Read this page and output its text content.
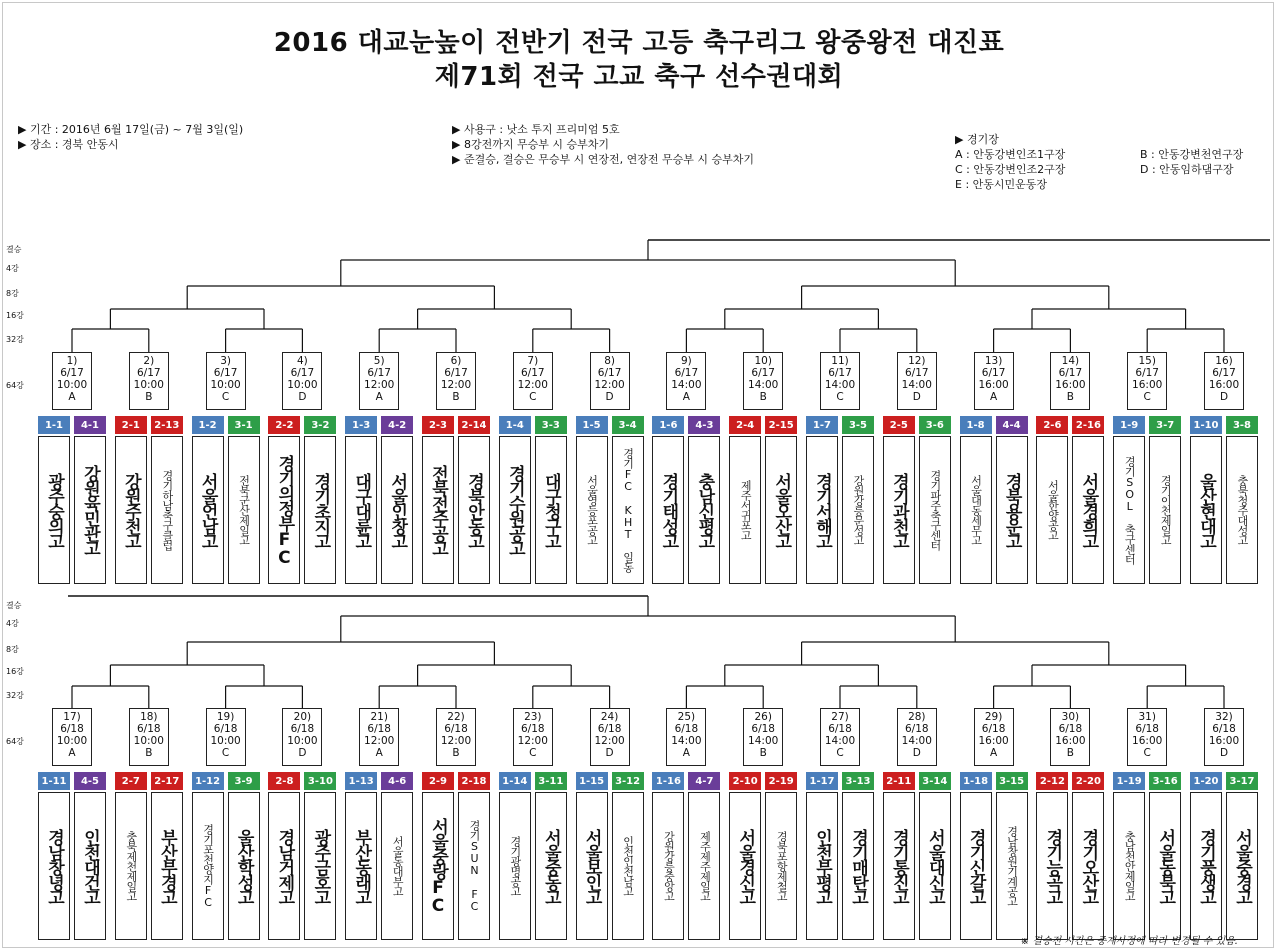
2016 대교눈높이 전반기 전국 고등 축구리그 왕중왕전 대진표
제71회 전국 고교 축구 선수권대회
▶ 기간 : 2016년 6월 17일(금) ~ 7월 3일(일)
▶ 장소 : 경북 안동시
▶ 사용구 : 낫소 투지 프리미엄 5호
▶ 8강전까지 무승부 시 승부차기
▶ 준결승, 결승은 무승부 시 연장전, 연장전 무승부 시 승부차기
▶ 경기장
A : 안동강변인조1구장
C : 안동강변인조2구장
E : 안동시민운동장
B : 안동강변천연구장
D : 안동임하댐구장
결승
4강
8강
16강
32강
64강
결승
4강
8강
16강
32강
64강
1)
6/17
10:00
A
2)
6/17
10:00
B
3)
6/17
10:00
C
4)
6/17
10:00
D
5)
6/17
12:00
A
6)
6/17
12:00
B
7)
6/17
12:00
C
8)
6/17
12:00
D
9)
6/17
14:00
A
10)
6/17
14:00
B
11)
6/17
14:00
C
12)
6/17
14:00
D
13)
6/17
16:00
A
14)
6/17
16:00
B
15)
6/17
16:00
C
16)
6/17
16:00
D
1-1
광주숭의고
4-1
강원육민관고
2-1
강원주천고
2-13
경기하남축구클럽
1-2
서울언남고
3-1
전북군산제일고
2-2
경기의정부FC
3-2
경기초지고
1-3
대구대륜고
4-2
서울인창고
2-3
전북전주공고
2-14
경북안동고
1-4
경기수원공고
3-3
대구청구고
1-5
서울영등포공고
3-4
경기FC KHT 일동
1-6
경기태성고
4-3
충남신평고
2-4
제주서귀포고
2-15
서울오산고
1-7
경기서해고
3-5
강원강릉문성고
2-5
경기과천고
3-6
경기파주축구센터
1-8
서울대동세무고
4-4
경북용운고
2-6
서울한양공고
2-16
서울경희고
1-9
경기SOL 축구센터
3-7
경기이천제일고
1-10
울산현대고
3-8
충북청주대성고
17)
6/18
10:00
A
18)
6/18
10:00
B
19)
6/18
10:00
C
20)
6/18
10:00
D
21)
6/18
12:00
A
22)
6/18
12:00
B
23)
6/18
12:00
C
24)
6/18
12:00
D
25)
6/18
14:00
A
26)
6/18
14:00
B
27)
6/18
14:00
C
28)
6/18
14:00
D
29)
6/18
16:00
A
30)
6/18
16:00
B
31)
6/18
16:00
C
32)
6/18
16:00
D
1-11
경남창녕고
4-5
인천대건고
2-7
충북제천제일고
2-17
부산부경고
1-12
경기포천양지FC
3-9
울산학성고
2-8
경남거제고
3-10
광주금호고
1-13
부산동래고
4-6
서울동대부고
2-9
서울중랑FC
2-18
경기SUN FC
1-14
경기광명공고
3-11
서울중동고
1-15
서울보인고
3-12
인천인천남고
1-16
강원강릉중앙고
4-7
제주제주제일고
2-10
서울경신고
2-19
경북포항제철고
1-17
인천부평고
3-13
경기매탄고
2-11
경기통진고
3-14
서울대신고
1-18
경기신갈고
3-15
경남창원기계공고
2-12
경기능곡고
2-20
경기오산고
1-19
충남천안제일고
3-16
서울동북고
1-20
경기풍생고
3-17
서울중경고
※ 결승전 시간은 중계사정에 따라 변경될 수 있음.
